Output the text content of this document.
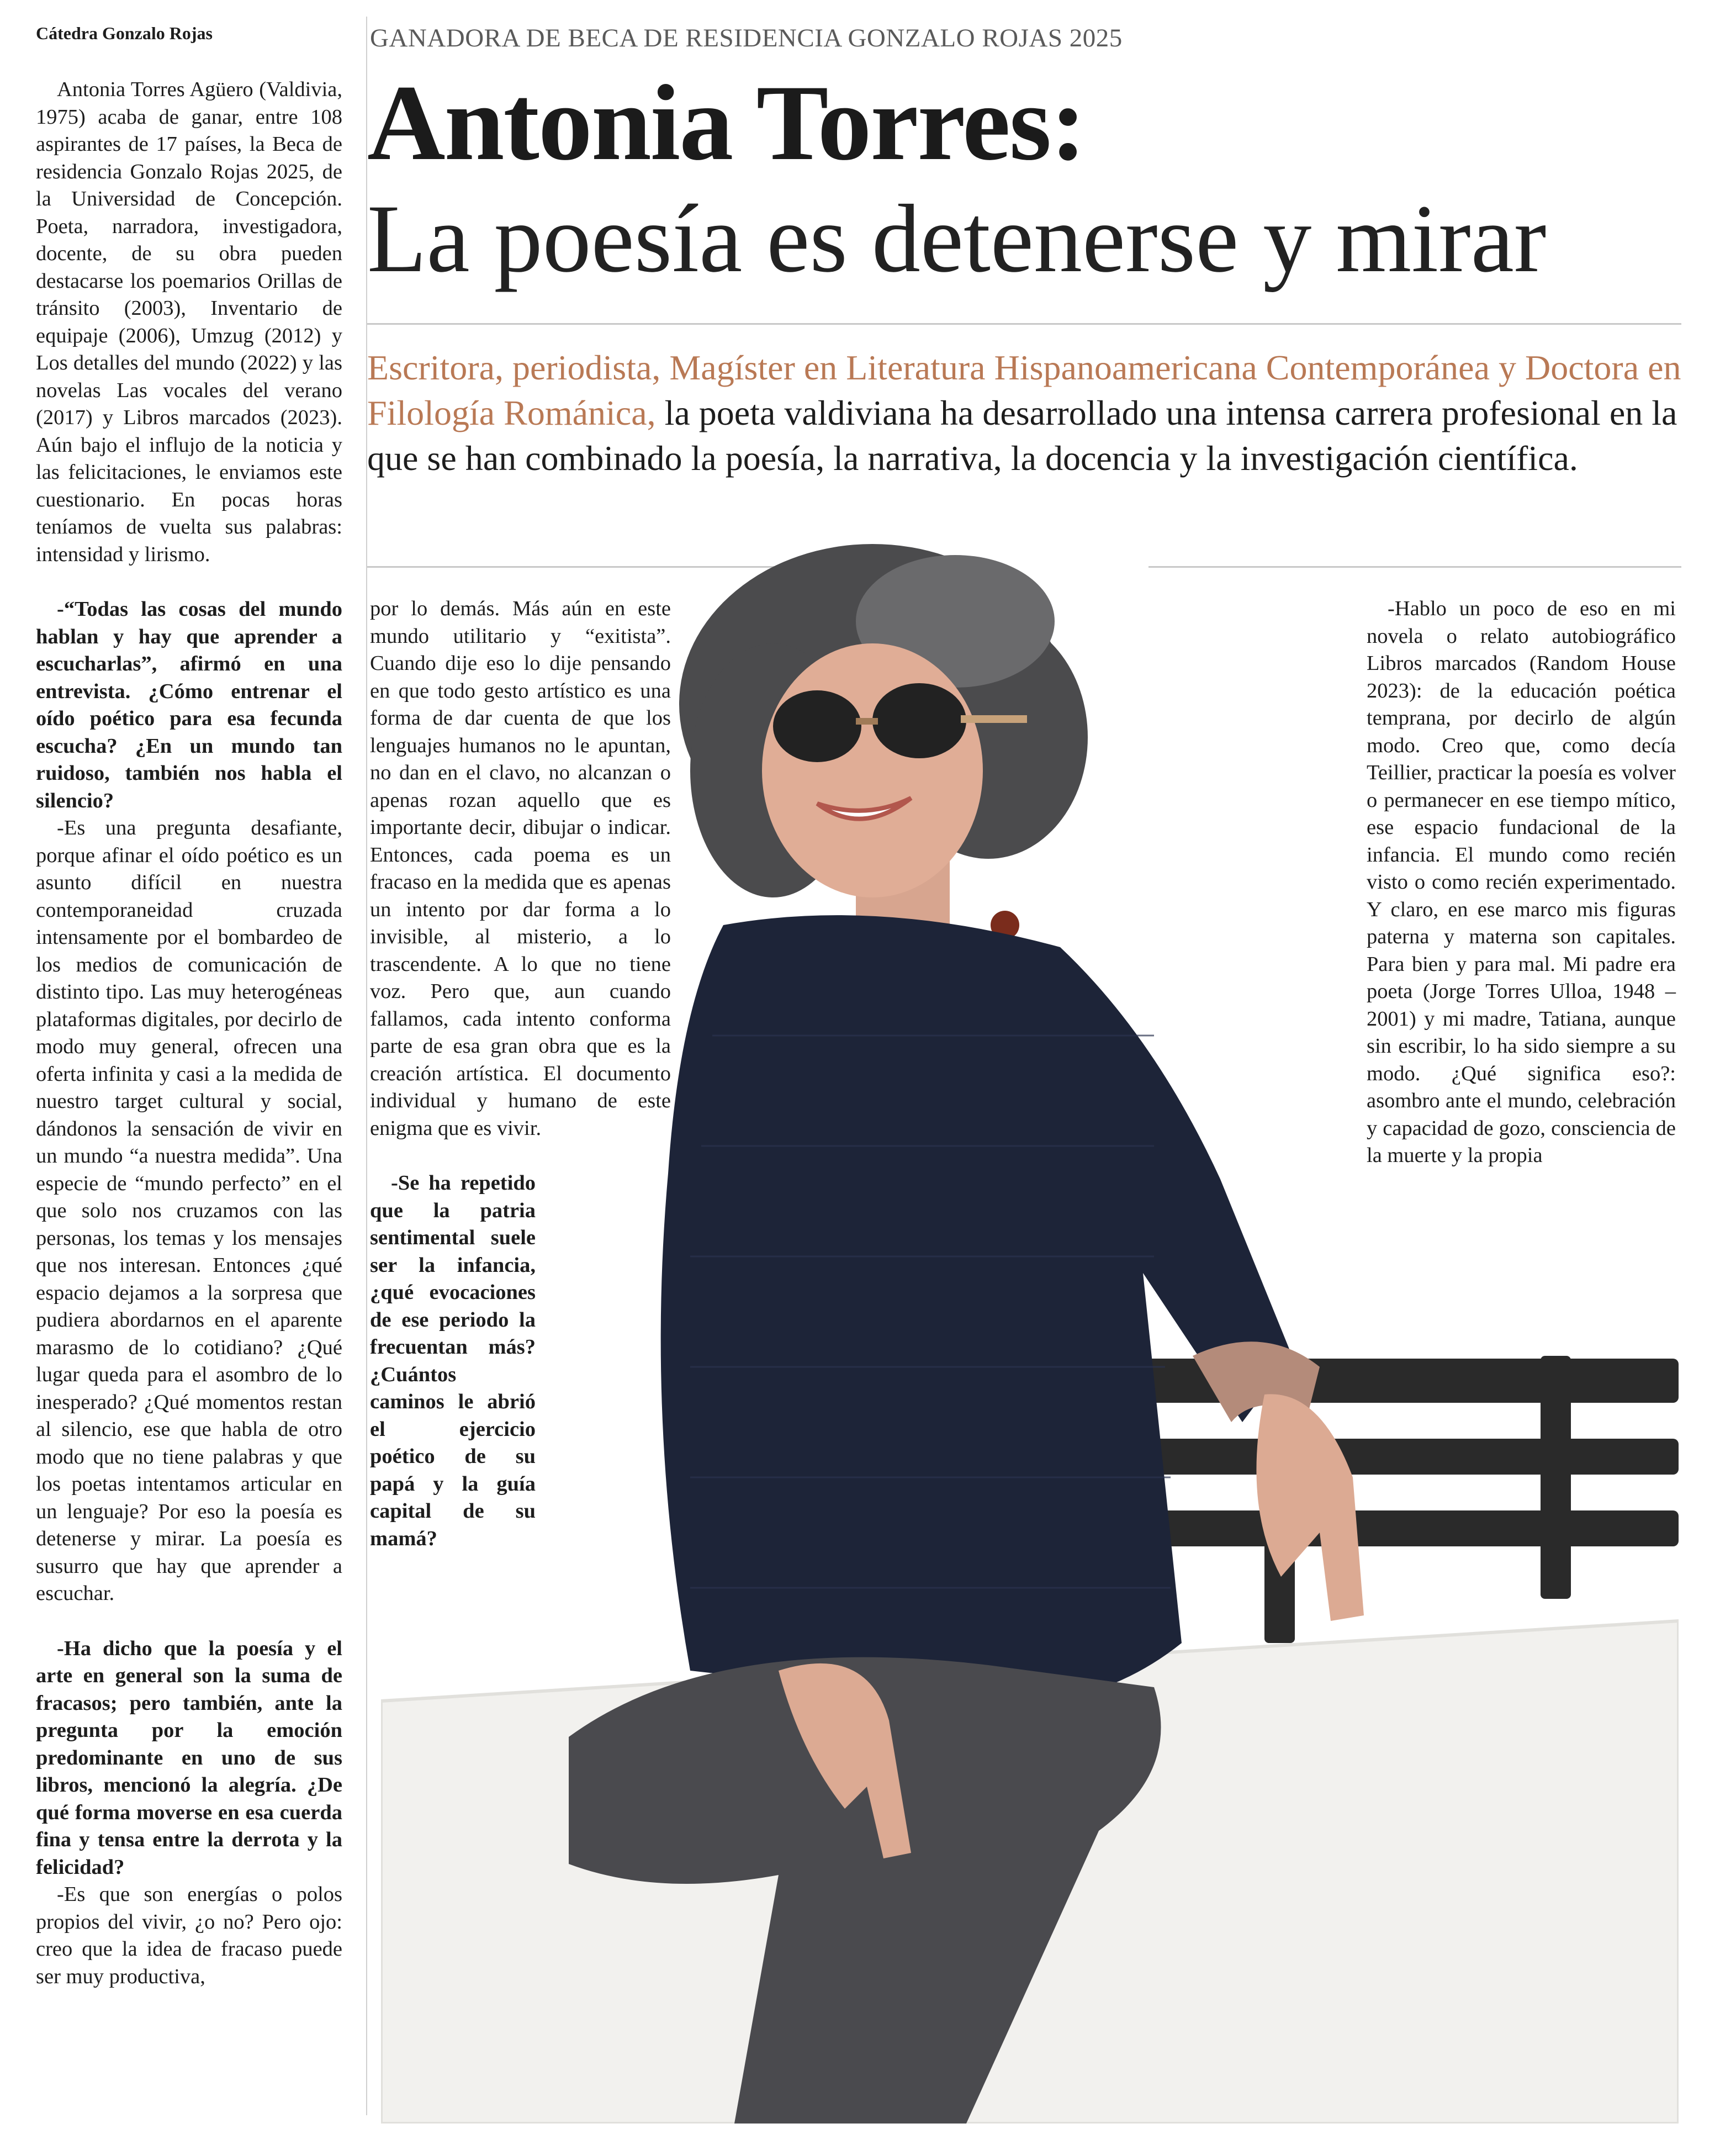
Cátedra Gonzalo Rojas	GANADORA DE BECA DE RESIDENCIA GONZALO ROJAS 2025
Antonia Torres:
La poesía es detenerse y mirar
Escritora, periodista, Magíster en Literatura Hispanoamericana Contemporánea y Doctora en Filología Románica, la poeta valdiviana ha desarrollado una intensa carrera profesional en la que se han combinado la poesía, la narrativa, la docencia y la investigación científica.

Antonia Torres Agüero (Valdivia, 1975) acaba de ganar, entre 108 aspirantes de 17 países, la Beca de residencia Gonzalo Rojas 2025, de la Universidad de Concepción. Poeta, narradora, investigadora, docente, de su obra pueden destacarse los poemarios Orillas de tránsito (2003), Inventario de equipaje (2006), Umzug (2012) y Los detalles del mundo (2022) y las novelas Las vocales del verano (2017) y Libros marcados (2023). Aún bajo el influjo de la noticia y las felicitaciones, le enviamos este cuestionario. En pocas horas teníamos de vuelta sus palabras: intensidad y lirismo.

-“Todas las cosas del mundo hablan y hay que aprender a escucharlas”, afirmó en una entrevista. ¿Cómo entrenar el oído poético para esa fecunda escucha? ¿En un mundo tan ruidoso, también nos habla el silencio?

-Es una pregunta desafiante, porque afinar el oído poético es un asunto difícil en nuestra contemporaneidad cruzada intensamente por el bombardeo de los medios de comunicación de distinto tipo. Las muy heterogéneas plataformas digitales, por decirlo de modo muy general, ofrecen una oferta infinita y casi a la medida de nuestro target cultural y social, dándonos la sensación de vivir en un mundo “a nuestra medida”. Una especie de “mundo perfecto” en el que solo nos cruzamos con las personas, los temas y los mensajes que nos interesan. Entonces ¿qué espacio dejamos a la sorpresa que pudiera abordarnos en el aparente marasmo de lo cotidiano? ¿Qué lugar queda para el asombro de lo inesperado? ¿Qué momentos restan al silencio, ese que habla de otro modo que no tiene palabras y que los poetas intentamos articular en un lenguaje? Por eso la poesía es detenerse y mirar. La poesía es susurro que hay que aprender a escuchar.

-Ha dicho que la poesía y el arte en general son la suma de fracasos; pero también, ante la pregunta por la emoción predominante en uno de sus libros, mencionó la alegría. ¿De qué forma moverse en esa cuerda fina y tensa entre la derrota y la felicidad?

-Es que son energías o polos propios del vivir, ¿o no? Pero ojo: creo que la idea de fracaso puede ser muy productiva,

por lo demás. Más aún en este mundo utilitario y “exitista”. Cuando dije eso lo dije pensando en que todo gesto artístico es una forma de dar cuenta de que los lenguajes humanos no le apuntan, no dan en el clavo, no alcanzan o apenas rozan aquello que es importante decir, dibujar o indicar. Entonces, cada poema es un fracaso en la medida que es apenas un intento por dar forma a lo invisible, al misterio, a lo trascendente. A lo que no tiene voz. Pero que, aun cuando fallamos, cada intento conforma parte de esa gran obra que es la creación artística. El documento individual y humano de este enigma que es vivir.

-Se ha repetido que la patria sentimental suele ser la infancia, ¿qué evocaciones de ese periodo la frecuentan más? ¿Cuántos caminos le abrió el ejercicio poético de su papá y la guía capital de su mamá?

-Hablo un poco de eso en mi novela o relato autobiográfico Libros marcados (Random House 2023): de la educación poética temprana, por decirlo de algún modo. Creo que, como decía Teillier, practicar la poesía es volver o permanecer en ese tiempo mítico, ese espacio fundacional de la infancia. El mundo como recién visto o como recién experimentado. Y claro, en ese marco mis figuras paterna y materna son capitales. Para bien y para mal. Mi padre era poeta (Jorge Torres Ulloa, 1948 – 2001) y mi madre, Tatiana, aunque sin escribir, lo ha sido siempre a su modo. ¿Qué significa eso?: asombro ante el mundo, celebración y capacidad de gozo, consciencia de la muerte y la propia
